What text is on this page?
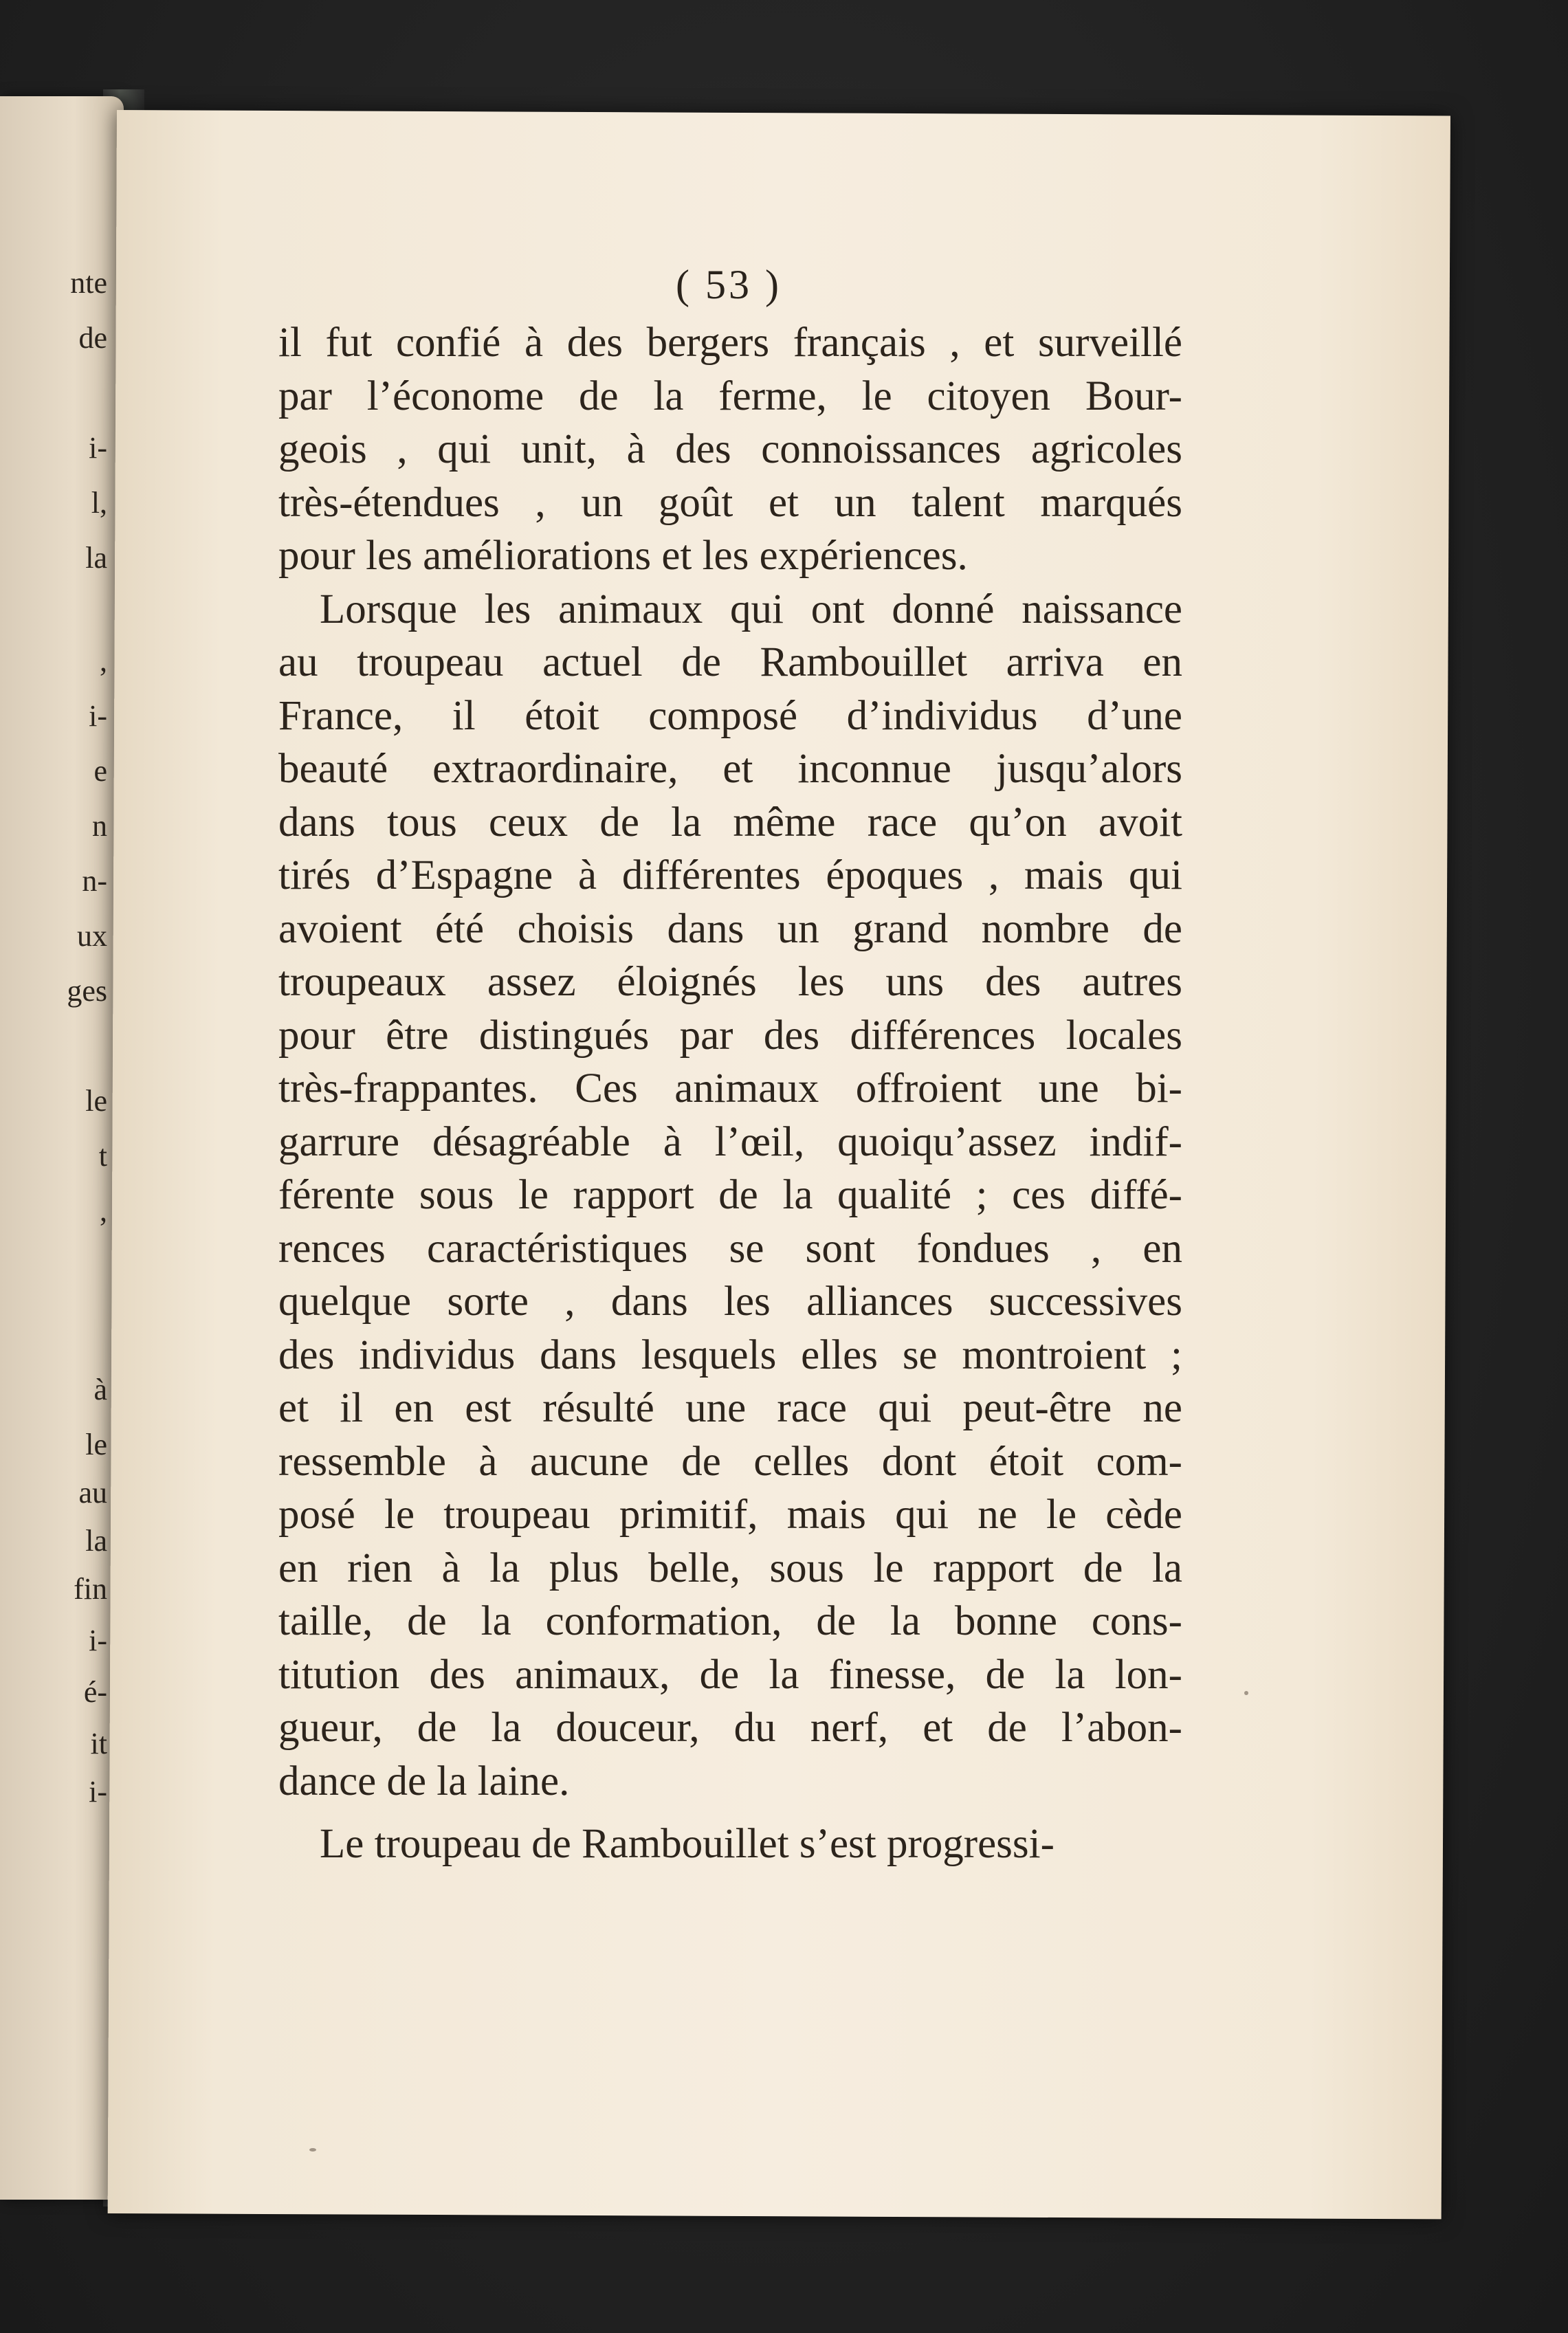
nte
de
i-
l,
la
,
i-
e
n
n-
ux
ges
le
t
,
à
le
au
la
fin
i-
é-
it
i-
( 53 )
il fut confié à des bergers français , et surveillé
par l’économe de la ferme, le citoyen Bour-
geois , qui unit, à des connoissances agricoles
très-étendues , un goût et un talent marqués
pour les améliorations et les expériences.
Lorsque les animaux qui ont donné naissance
au troupeau actuel de Rambouillet arriva en
France, il étoit composé d’individus d’une
beauté extraordinaire, et inconnue jusqu’alors
dans tous ceux de la même race qu’on avoit
tirés d’Espagne à différentes époques , mais qui
avoient été choisis dans un grand nombre de
troupeaux assez éloignés les uns des autres
pour être distingués par des différences locales
très-frappantes. Ces animaux offroient une bi-
garrure désagréable à l’œil, quoiqu’assez indif-
férente sous le rapport de la qualité ; ces diffé-
rences caractéristiques se sont fondues , en
quelque sorte , dans les alliances successives
des individus dans lesquels elles se montroient ;
et il en est résulté une race qui peut-être ne
ressemble à aucune de celles dont étoit com-
posé le troupeau primitif, mais qui ne le cède
en rien à la plus belle, sous le rapport de la
taille, de la conformation, de la bonne cons-
titution des animaux, de la finesse, de la lon-
gueur, de la douceur, du nerf, et de l’abon-
dance de la laine.
Le troupeau de Rambouillet s’est progressi-
